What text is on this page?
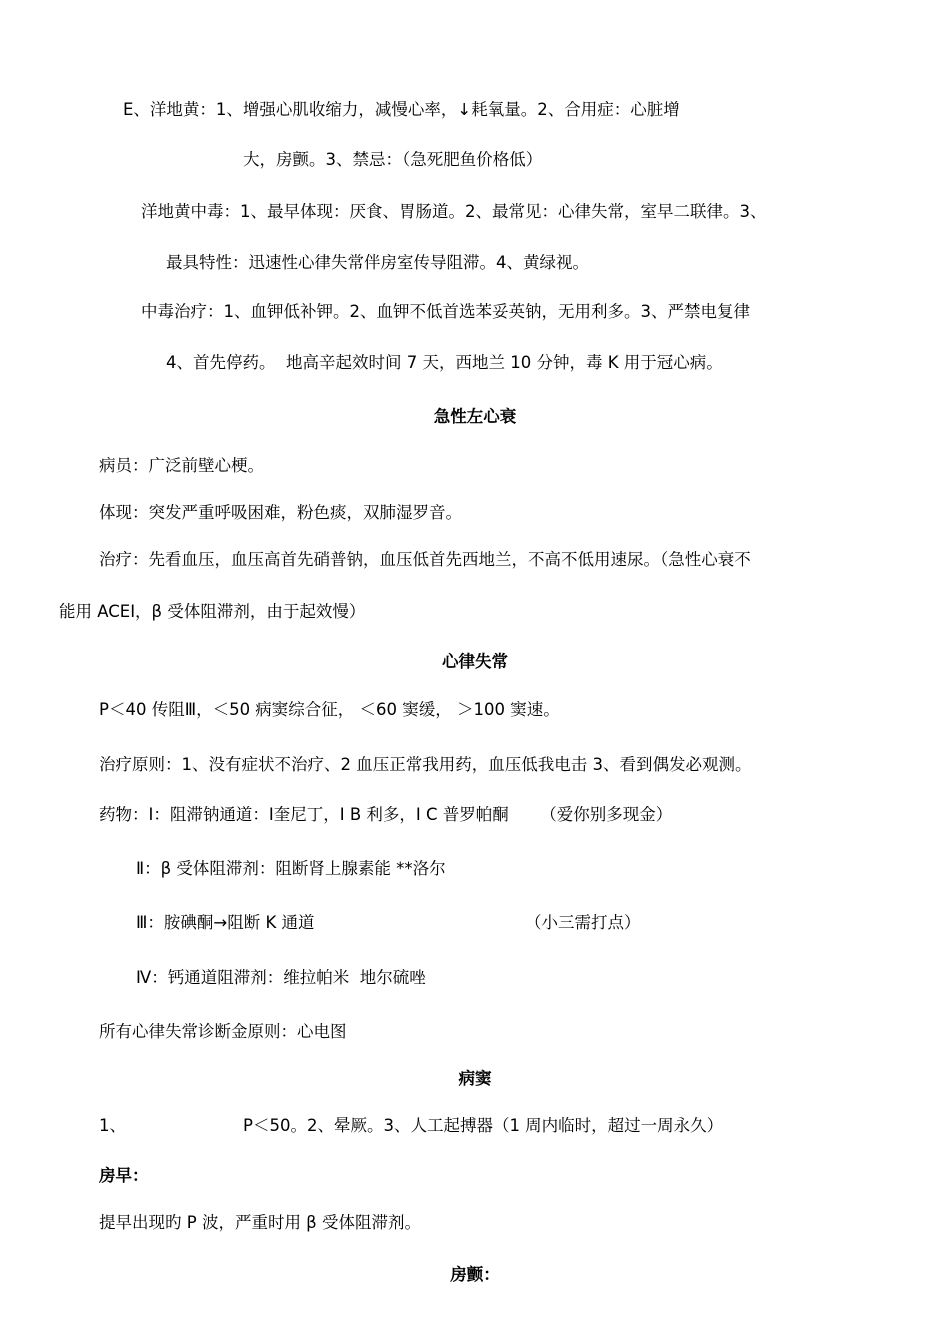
E、洋地黄：1、增强心肌收缩力，减慢心率，↓耗氧量。2、合用症：心脏增
大，房颤。3、禁忌：（急死肥鱼价格低）
洋地黄中毒：1、最早体现：厌食、胃肠道。2、最常见：心律失常，室早二联律。3、
最具特性：迅速性心律失常伴房室传导阻滞。4、黄绿视。
中毒治疗：1、血钾低补钾。2、血钾不低首选苯妥英钠，无用利多。3、严禁电复律
4、首先停药。  地高辛起效时间 7 天，西地兰 10 分钟，毒 K 用于冠心病。
急性左心衰
病员：广泛前壁心梗。
体现：突发严重呼吸困难，粉色痰，双肺湿罗音。
治疗：先看血压，血压高首先硝普钠，血压低首先西地兰，不高不低用速尿。（急性心衰不
能用 ACEI，β 受体阻滞剂，由于起效慢）
心律失常
P＜40 传阻Ⅲ，＜50 病窦综合征， ＜60 窦缓， ＞100 窦速。
治疗原则：1、没有症状不治疗、2 血压正常我用药，血压低我电击 3、看到偶发必观测。
药物：Ⅰ：阻滞钠通道：Ⅰ奎尼丁，Ⅰ B 利多，Ⅰ C 普罗帕酮      （爱你别多现金）
Ⅱ：β 受体阻滞剂：阻断肾上腺素能 **洛尔
Ⅲ：胺碘酮→阻断 K 通道	（小三需打点）
Ⅳ：钙通道阻滞剂：维拉帕米  地尔硫唑
所有心律失常诊断金原则：心电图
病窦
1、	P＜50。2、晕厥。3、人工起搏器（1 周内临时，超过一周永久）
房早：
提早出现旳 P 波，严重时用 β 受体阻滞剂。
房颤：
